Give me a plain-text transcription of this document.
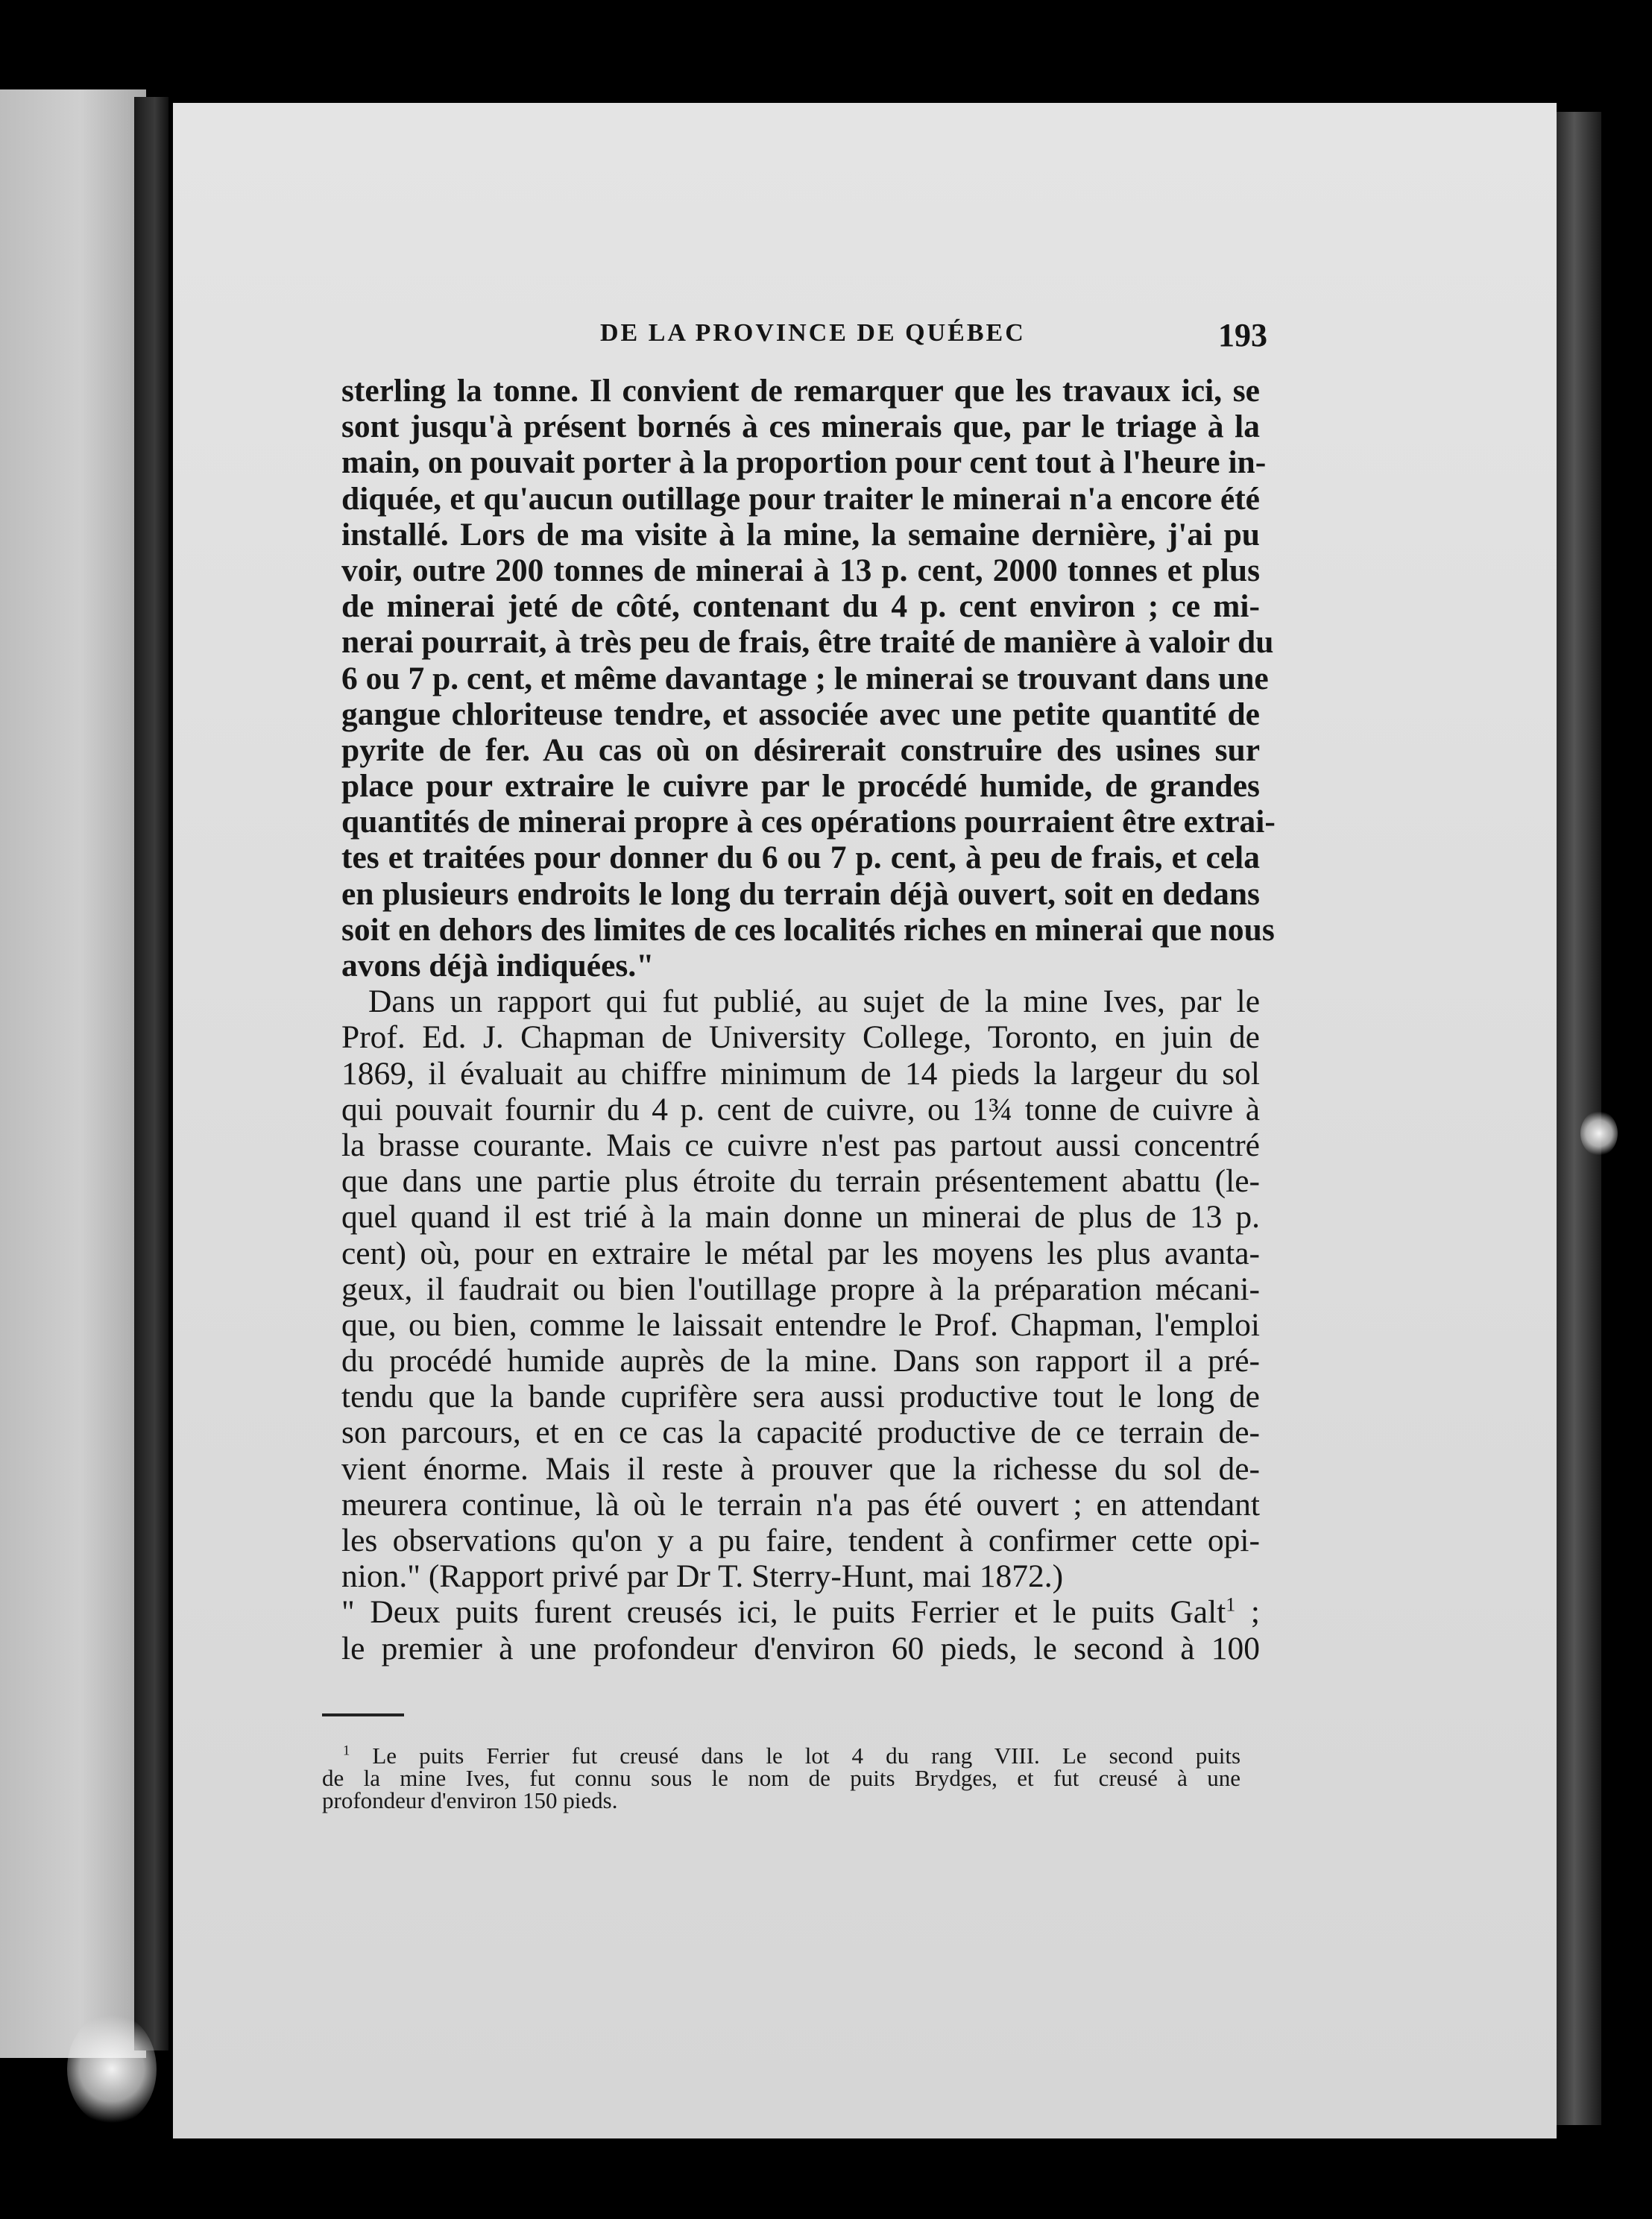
DE LA PROVINCE DE QUÉBEC	193
sterling la tonne. Il convient de remarquer que les travaux ici, se
sont jusqu'à présent bornés à ces minerais que, par le triage à la
main, on pouvait porter à la proportion pour cent tout à l'heure in-
diquée, et qu'aucun outillage pour traiter le minerai n'a encore été
installé. Lors de ma visite à la mine, la semaine dernière, j'ai pu
voir, outre 200 tonnes de minerai à 13 p. cent, 2000 tonnes et plus
de minerai jeté de côté, contenant du 4 p. cent environ ; ce mi-
nerai pourrait, à très peu de frais, être traité de manière à valoir du
6 ou 7 p. cent, et même davantage ; le minerai se trouvant dans une
gangue chloriteuse tendre, et associée avec une petite quantité de
pyrite de fer. Au cas où on désirerait construire des usines sur
place pour extraire le cuivre par le procédé humide, de grandes
quantités de minerai propre à ces opérations pourraient être extrai-
tes et traitées pour donner du 6 ou 7 p. cent, à peu de frais, et cela
en plusieurs endroits le long du terrain déjà ouvert, soit en dedans
soit en dehors des limites de ces localités riches en minerai que nous
avons déjà indiquées."
Dans un rapport qui fut publié, au sujet de la mine Ives, par le
Prof. Ed. J. Chapman de University College, Toronto, en juin de
1869, il évaluait au chiffre minimum de 14 pieds la largeur du sol
qui pouvait fournir du 4 p. cent de cuivre, ou 1¾ tonne de cuivre à
la brasse courante. Mais ce cuivre n'est pas partout aussi concentré
que dans une partie plus étroite du terrain présentement abattu (le-
quel quand il est trié à la main donne un minerai de plus de 13 p.
cent) où, pour en extraire le métal par les moyens les plus avanta-
geux, il faudrait ou bien l'outillage propre à la préparation mécani-
que, ou bien, comme le laissait entendre le Prof. Chapman, l'emploi
du procédé humide auprès de la mine. Dans son rapport il a pré-
tendu que la bande cuprifère sera aussi productive tout le long de
son parcours, et en ce cas la capacité productive de ce terrain de-
vient énorme. Mais il reste à prouver que la richesse du sol de-
meurera continue, là où le terrain n'a pas été ouvert ; en attendant
les observations qu'on y a pu faire, tendent à confirmer cette opi-
nion." (Rapport privé par Dr T. Sterry-Hunt, mai 1872.)
" Deux puits furent creusés ici, le puits Ferrier et le puits Galt$^1$ ;
le premier à une profondeur d'environ 60 pieds, le second à 100
$^1$ Le puits Ferrier fut creusé dans le lot 4 du rang VIII. Le second puits
de la mine Ives, fut connu sous le nom de puits Brydges, et fut creusé à une
profondeur d'environ 150 pieds.
